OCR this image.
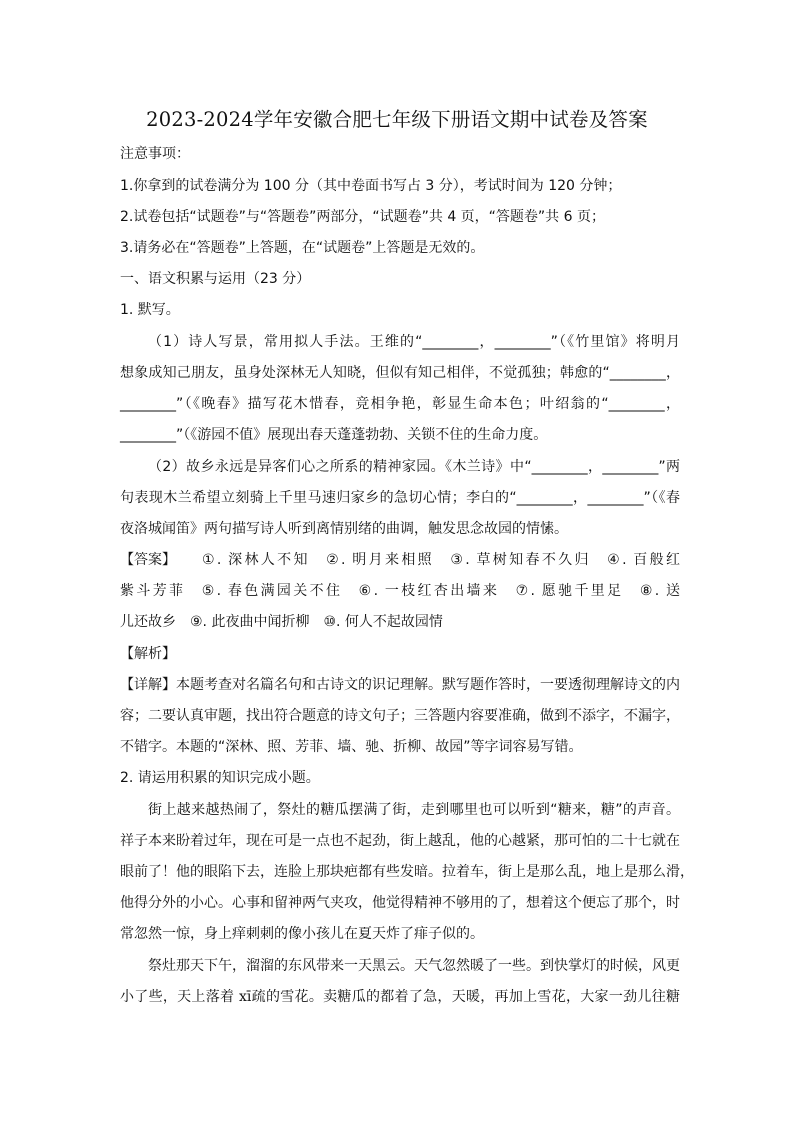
2023-2024学年安徽合肥七年级下册语文期中试卷及答案
注意事项：
1.你拿到的试卷满分为 100 分（其中卷面书写占 3 分），考试时间为 120 分钟；
2.试卷包括“试题卷”与“答题卷”两部分，“试题卷”共 4 页，“答题卷”共 6 页；
3.请务必在“答题卷”上答题，在“试题卷”上答题是无效的。
一、语文积累与运用（23 分）
1. 默写。
（1）诗人写景，常用拟人手法。王维的“________，________”（《竹里馆》将明月
想象成知己朋友，虽身处深林无人知晓，但似有知己相伴，不觉孤独；韩愈的“________，
________”（《晚春》描写花木惜春，竞相争艳，彰显生命本色；叶绍翁的“________，
________”（《游园不值》展现出春天蓬蓬勃勃、关锁不住的生命力度。
（2）故乡永远是异客们心之所系的精神家园。《木兰诗》中“________，________”两
句表现木兰希望立刻骑上千里马速归家乡的急切心情；李白的“________，________”（《春
夜洛城闻笛》两句描写诗人听到离情别绪的曲调，触发思念故园的情愫。
【答案】	①. 深林人不知　②. 明月来相照　③. 草树知春不久归　④. 百般红
紫斗芳菲　⑤. 春色满园关不住　⑥. 一枝红杏出墙来　⑦. 愿驰千里足　⑧. 送
儿还故乡　⑨. 此夜曲中闻折柳　⑩. 何人不起故园情
【解析】
【详解】 本题考查对名篇名句和古诗文的识记理解。默写题作答时，一要透彻理解诗文的内
容；二要认真审题，找出符合题意的诗文句子；三答题内容要准确，做到不添字，不漏字，
不错字。本题的“深林、照、芳菲、墙、驰、折柳、故园”等字词容易写错。
2. 请运用积累的知识完成小题。
街上越来越热闹了，祭灶的糖瓜摆满了街，走到哪里也可以听到“糖来，糖”的声音。
祥子本来盼着过年，现在可是一点也不起劲，街上越乱，他的心越紧，那可怕的二十七就在
眼前了！他的眼陷下去，连脸上那块疤都有些发暗。拉着车，街上是那么乱，地上是那么滑，
他得分外的小心。心事和留神两气夹攻，他觉得精神不够用的了，想着这个便忘了那个，时
常忽然一惊，身上痒刺刺的像小孩儿在夏天炸了痱子似的。
祭灶那天下午，溜溜的东风带来一天黑云。天气忽然暖了一些。到快掌灯的时候，风更
小了些，天上落着 xī疏的雪花。卖糖瓜的都着了急，天暖，再加上雪花，大家一劲儿往糖
